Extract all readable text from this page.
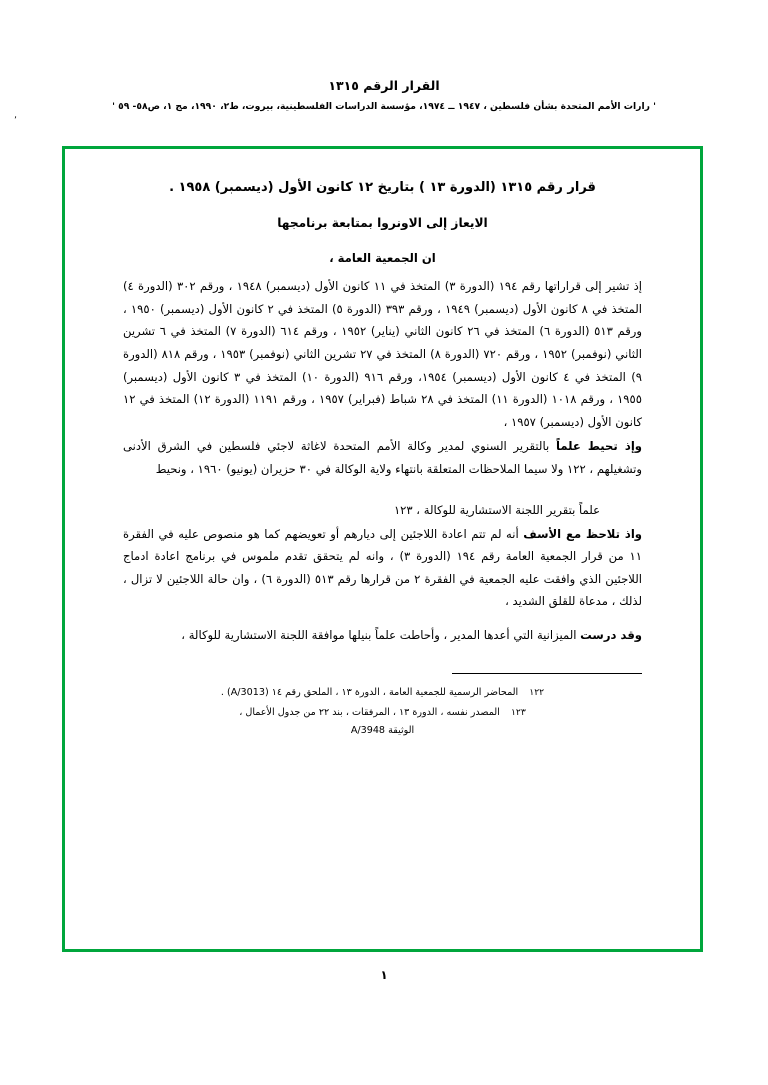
القرار الرقم ١٣١٥
' رارات الأمم المتحدة بشأن فلسطين ، ١٩٤٧ ــ ١٩٧٤، مؤسسة الدراسات الفلسطينية، بيروت، ط٢، ١٩٩٠، مج ١، ص٥٨- ٥٩ '
٬
قرار رقم ١٣١٥ (الدورة ١٣ ) بتاريخ ١٢ كانون الأول (ديسمبر) ١٩٥٨ .
الايعاز إلى الاونروا بمتابعة برنامجها
ان الجمعية العامة ،

إذ تشير إلى قراراتها رقم ١٩٤ (الدورة ٣) المتخذ في ١١ كانون الأول (ديسمبر) ١٩٤٨ ، ورقم ٣٠٢ (الدورة ٤) المتخذ في ٨ كانون الأول (ديسمبر) ١٩٤٩ ، ورقم ٣٩٣ (الدورة ٥) المتخذ في ٢ كانون الأول (ديسمبر) ١٩٥٠ ، ورقم ٥١٣ (الدورة ٦) المتخذ في ٢٦ كانون الثاني (يناير) ١٩٥٢ ، ورقم ٦١٤ (الدورة ٧) المتخذ في ٦ تشرين الثاني (نوفمبر) ١٩٥٢ ، ورقم ٧٢٠ (الدورة ٨) المتخذ في ٢٧ تشرين الثاني (نوفمبر) ١٩٥٣ ، ورقم ٨١٨ (الدورة ٩) المتخذ في ٤ كانون الأول (ديسمبر) ١٩٥٤، ورقم ٩١٦ (الدورة ١٠) المتخذ في ٣ كانون الأول (ديسمبر) ١٩٥٥ ، ورقم ١٠١٨ (الدورة ١١) المتخذ في ٢٨ شباط (فبراير) ١٩٥٧ ، ورقم ١١٩١ (الدورة ١٢) المتخذ في ١٢ كانون الأول (ديسمبر) ١٩٥٧ ،

وإذ تحيط علماً بالتقرير السنوي لمدير وكالة الأمم المتحدة لاغاثة لاجئي فلسطين في الشرق الأدنى وتشغيلهم ، ١٢٢ ولا سيما الملاحظات المتعلقة بانتهاء ولاية الوكالة في ٣٠ حزيران (يونيو) ١٩٦٠ ، ونحيط

علماً بتقرير اللجنة الاستشارية للوكالة ، ١٢٣

واذ تلاحظ مع الأسف أنه لم تتم اعادة اللاجئين إلى ديارهم أو تعويضهم كما هو منصوص عليه في الفقرة ١١ من قرار الجمعية العامة رقم ١٩٤ (الدورة ٣) ، وانه لم يتحقق تقدم ملموس في برنامج اعادة ادماج اللاجئين الذي وافقت عليه الجمعية في الفقرة ٢ من قرارها رقم ٥١٣ (الدورة ٦) ، وان حالة اللاجئين لا تزال ، لذلك ، مدعاة للقلق الشديد ،

وقد درست الميزانية التي أعدها المدير ، وأحاطت علماً بنيلها موافقة اللجنة الاستشارية للوكالة ،

١٢٢ المحاضر الرسمية للجمعية العامة ، الدورة ١٣ ، الملحق رقم ١٤ (A/3013) .

١٢٣ المصدر نفسه ، الدورة ١٣ ، المرفقات ، بند ٢٢ من جدول الأعمال ،
الوثيقة A/3948

١
